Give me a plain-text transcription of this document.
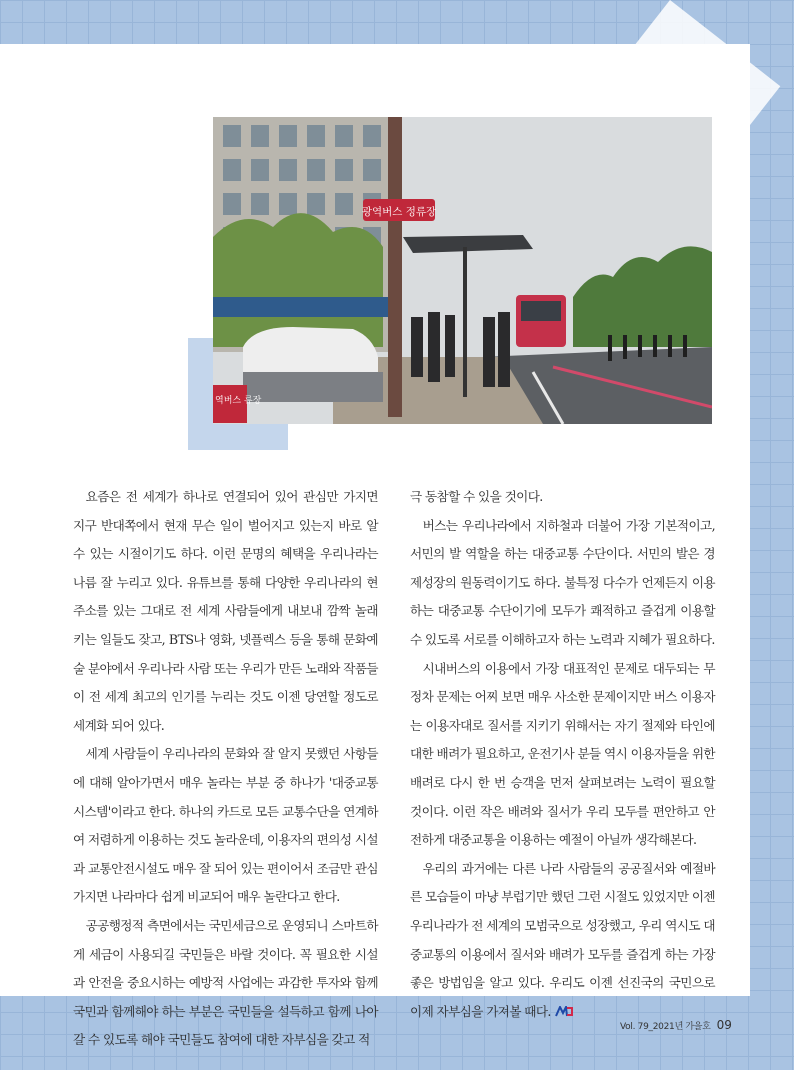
광역버스 정류장
역버스 류장

요즘은 전 세계가 하나로 연결되어 있어 관심만 가지면 지구 반대쪽에서 현재 무슨 일이 벌어지고 있는지 바로 알 수 있는 시절이기도 하다. 이런 문명의 혜택을 우리나라는 나름 잘 누리고 있다. 유튜브를 통해 다양한 우리나라의 현 주소를 있는 그대로 전 세계 사람들에게 내보내 깜짝 놀래 키는 일들도 잦고, BTS나 영화, 넷플렉스 등을 통해 문화예술 분야에서 우리나라 사람 또는 우리가 만든 노래와 작품들이 전 세계 최고의 인기를 누리는 것도 이젠 당연할 정도로 세계화 되어 있다.

세계 사람들이 우리나라의 문화와 잘 알지 못했던 사항들에 대해 알아가면서 매우 놀라는 부분 중 하나가 '대중교통 시스템'이라고 한다. 하나의 카드로 모든 교통수단을 연계하여 저렴하게 이용하는 것도 놀라운데, 이용자의 편의성 시설과 교통안전시설도 매우 잘 되어 있는 편이어서 조금만 관심가지면 나라마다 쉽게 비교되어 매우 놀란다고 한다.

공공행정적 측면에서는 국민세금으로 운영되니 스마트하게 세금이 사용되길 국민들은 바랄 것이다. 꼭 필요한 시설과 안전을 중요시하는 예방적 사업에는 과감한 투자와 함께 국민과 함께해야 하는 부분은 국민들을 설득하고 함께 나아갈 수 있도록 해야 국민들도 참여에 대한 자부심을 갖고 적

극 동참할 수 있을 것이다.

버스는 우리나라에서 지하철과 더불어 가장 기본적이고, 서민의 발 역할을 하는 대중교통 수단이다. 서민의 발은 경제성장의 원동력이기도 하다. 불특정 다수가 언제든지 이용하는 대중교통 수단이기에 모두가 쾌적하고 즐겁게 이용할 수 있도록 서로를 이해하고자 하는 노력과 지혜가 필요하다.

시내버스의 이용에서 가장 대표적인 문제로 대두되는 무정차 문제는 어찌 보면 매우 사소한 문제이지만 버스 이용자는 이용자대로 질서를 지키기 위해서는 자기 절제와 타인에 대한 배려가 필요하고, 운전기사 분들 역시 이용자들을 위한 배려로 다시 한 번 승객을 먼저 살펴보려는 노력이 필요할 것이다. 이런 작은 배려와 질서가 우리 모두를 편안하고 안전하게 대중교통을 이용하는 예절이 아닐까 생각해본다.

우리의 과거에는 다른 나라 사람들의 공공질서와 예절바른 모습들이 마냥 부럽기만 했던 그런 시절도 있었지만 이젠 우리나라가 전 세계의 모범국으로 성장했고, 우리 역시도 대중교통의 이용에서 질서와 배려가 모두를 즐겁게 하는 가장 좋은 방법임을 알고 있다. 우리도 이젠 선진국의 국민으로 이제 자부심을 가져볼 때다.

Vol. 79_2021년 가을호 09
